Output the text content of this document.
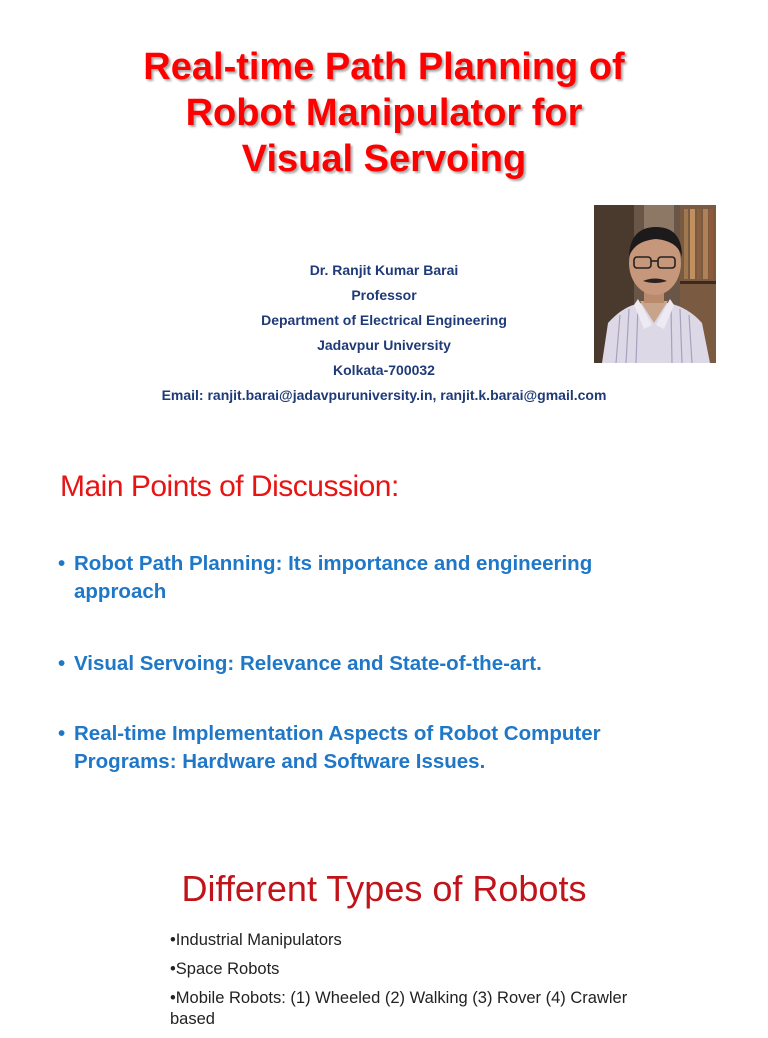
Real-time Path Planning of
Robot Manipulator for
Visual Servoing
Dr. Ranjit Kumar Barai
Professor
Department of Electrical Engineering
Jadavpur University
Kolkata-700032
Email: ranjit.barai@jadavpuruniversity.in, ranjit.k.barai@gmail.com
Main Points of Discussion:
• Robot Path Planning: Its importance and engineering
approach
• Visual Servoing: Relevance and State-of-the-art.
• Real-time Implementation Aspects of Robot Computer
Programs: Hardware and Software Issues.
Different Types of Robots
•Industrial Manipulators
•Space Robots
•Mobile Robots: (1) Wheeled (2) Walking (3) Rover (4) Crawler based
